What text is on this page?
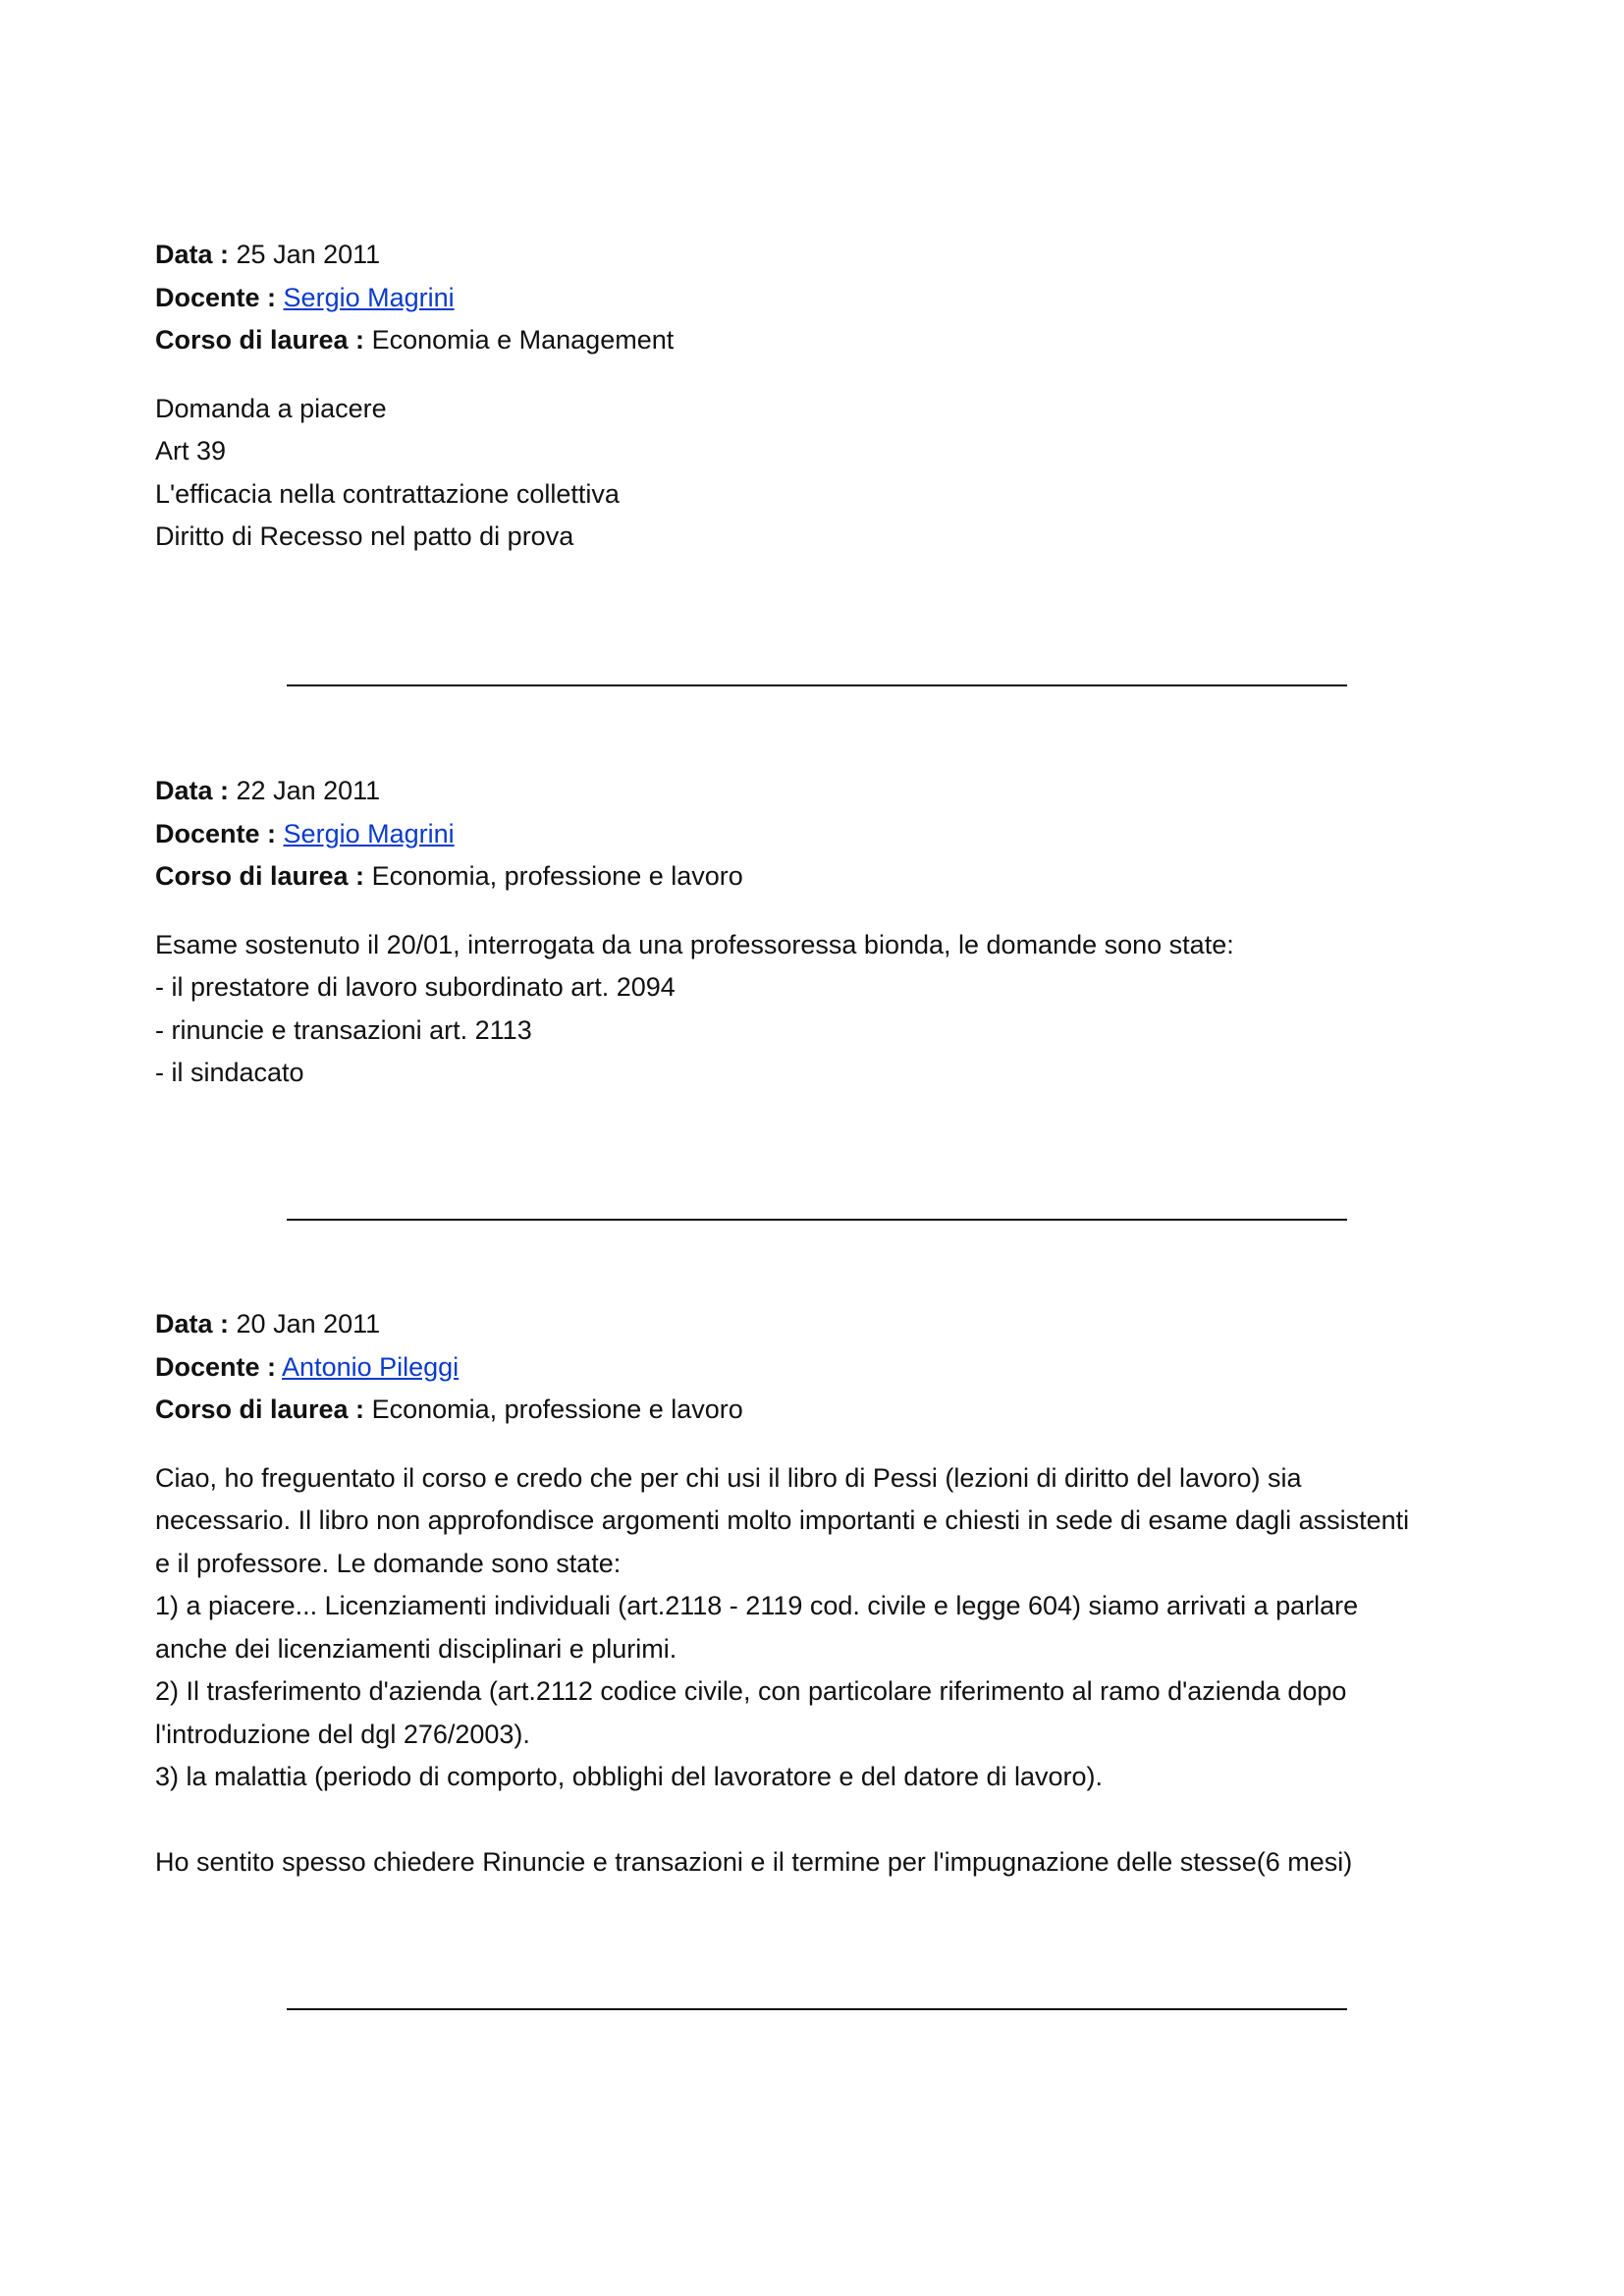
Data : 25 Jan 2011
Docente : Sergio Magrini
Corso di laurea : Economia e Management
Domanda a piacere
Art 39
L'efficacia nella contrattazione collettiva
Diritto di Recesso nel patto di prova
Data : 22 Jan 2011
Docente : Sergio Magrini
Corso di laurea : Economia, professione e lavoro
Esame sostenuto il 20/01, interrogata da una professoressa bionda, le domande sono state:
- il prestatore di lavoro subordinato art. 2094
- rinuncie e transazioni art. 2113
- il sindacato
Data : 20 Jan 2011
Docente : Antonio Pileggi
Corso di laurea : Economia, professione e lavoro
Ciao, ho freguentato il corso e credo che per chi usi il libro di Pessi (lezioni di diritto del lavoro) sia
necessario. Il libro non approfondisce argomenti molto importanti e chiesti in sede di esame dagli assistenti
e il professore. Le domande sono state:
1) a piacere... Licenziamenti individuali (art.2118 - 2119 cod. civile e legge 604) siamo arrivati a parlare
anche dei licenziamenti disciplinari e plurimi.
2) Il trasferimento d'azienda (art.2112 codice civile, con particolare riferimento al ramo d'azienda dopo
l'introduzione del dgl 276/2003).
3) la malattia (periodo di comporto, obblighi del lavoratore e del datore di lavoro).
Ho sentito spesso chiedere Rinuncie e transazioni e il termine per l'impugnazione delle stesse(6 mesi)
